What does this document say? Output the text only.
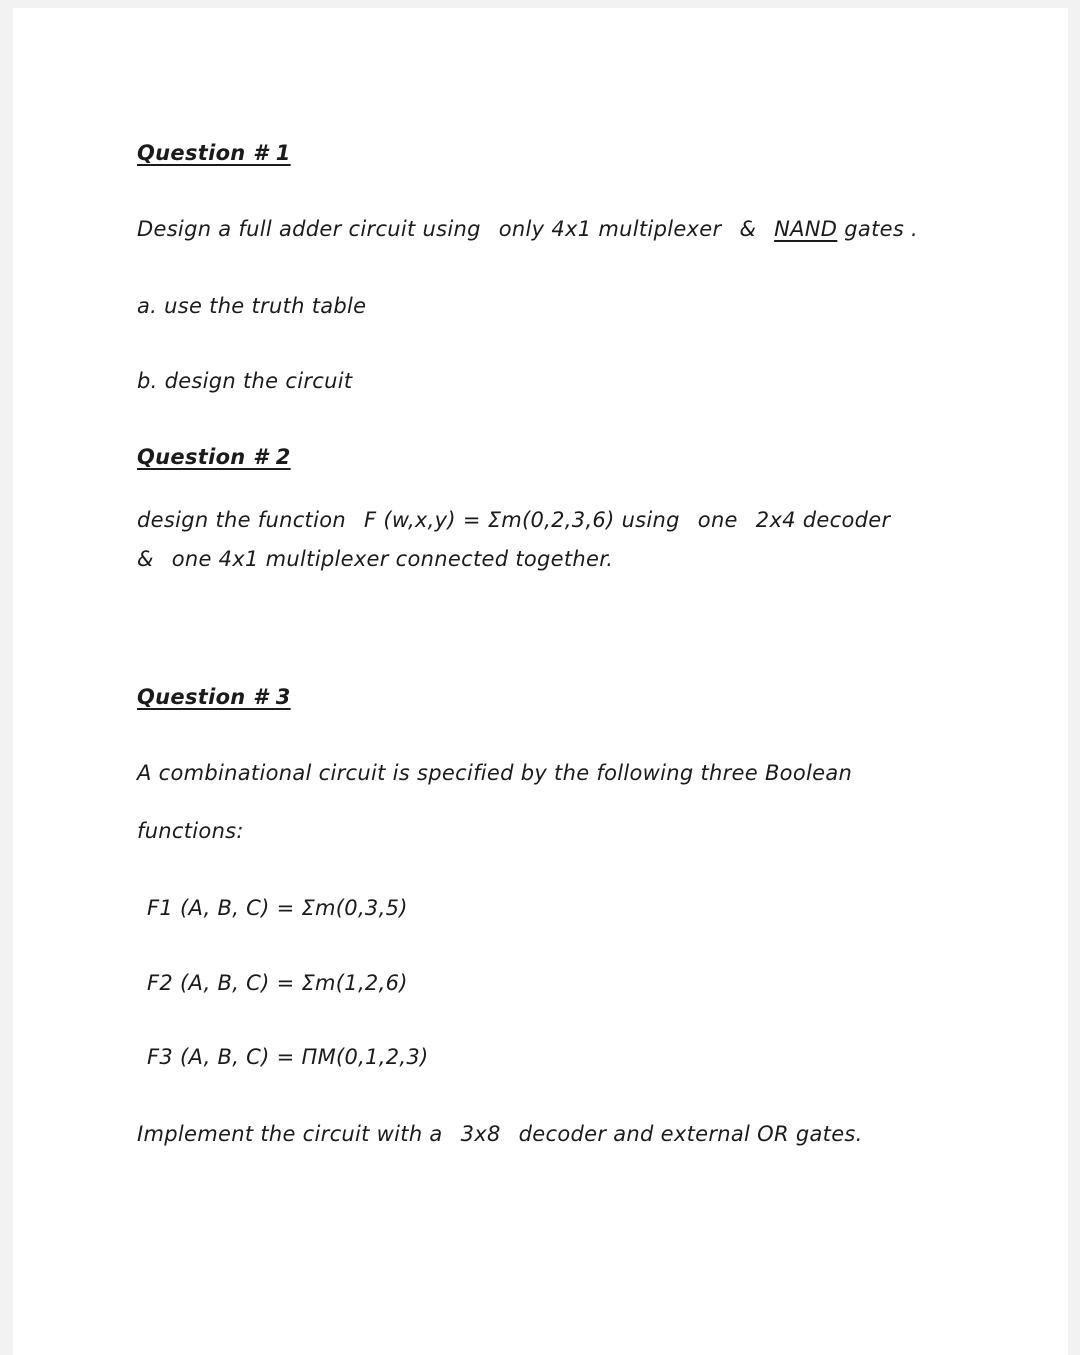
Question # 1
Design a full adder circuit using only 4x1 multiplexer & NAND gates .
a. use the truth table
b. design the circuit
Question # 2
design the function F (w,x,y) = Σm(0,2,3,6) using one 2x4 decoder
& one 4x1 multiplexer connected together.
Question # 3
A combinational circuit is specified by the following three Boolean
functions:
F1 (A, B, C) = Σm(0,3,5)
F2 (A, B, C) = Σm(1,2,6)
F3 (A, B, C) = ΠM(0,1,2,3)
Implement the circuit with a 3x8 decoder and external OR gates.
